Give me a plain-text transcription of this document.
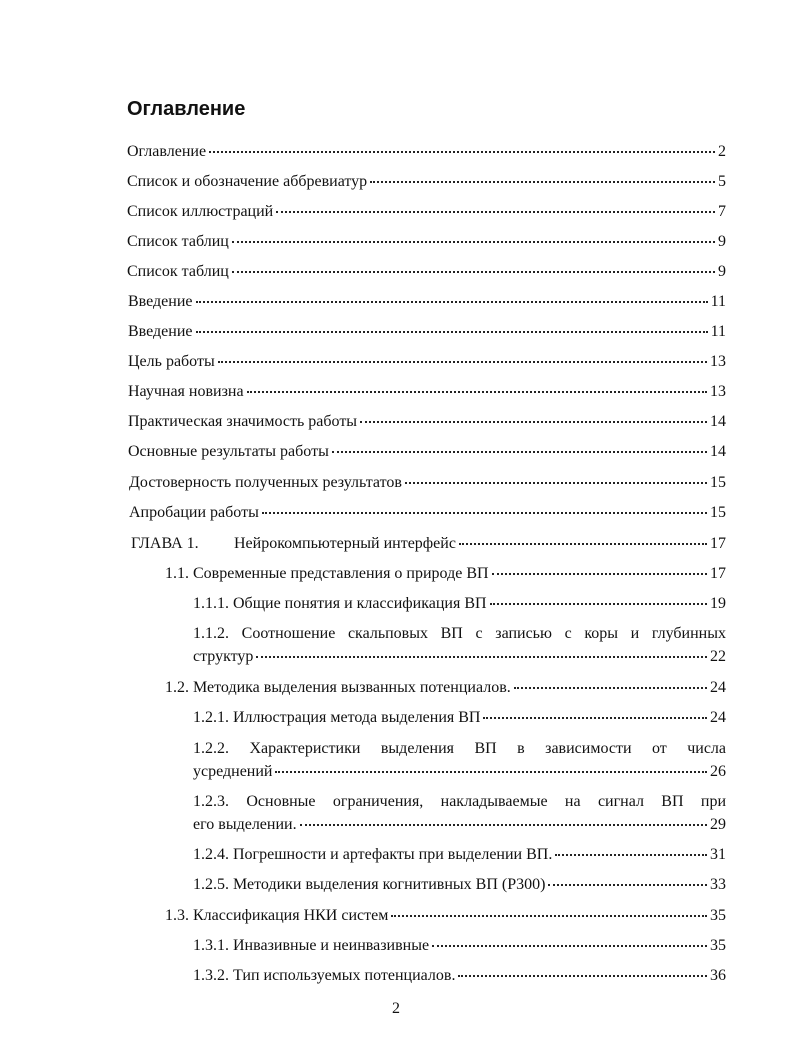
Оглавление
Оглавление	2
Список и обозначение аббревиатур	5
Список иллюстраций	7
Список таблиц	9
Список таблиц	9
Введение	11
Введение	11
Цель работы	13
Научная новизна	13
Практическая значимость работы	14
Основные результаты работы	14
Достоверность полученных результатов	15
Апробации работы	15
ГЛАВА 1.	Нейрокомпьютерный интерфейс	17
1.1. Современные представления о природе ВП	17
1.1.1. Общие понятия и классификация ВП	19
1.1.2. Соотношение скальповых ВП с записью с коры и глубинных
структур	22
1.2. Методика выделения вызванных потенциалов.	24
1.2.1. Иллюстрация метода выделения ВП	24
1.2.2. Характеристики выделения ВП в зависимости от числа
усреднений	26
1.2.3. Основные ограничения, накладываемые на сигнал ВП при
его выделении.	29
1.2.4. Погрешности и артефакты при выделении ВП.	31
1.2.5. Методики выделения когнитивных ВП (P300)	33
1.3. Классификация НКИ систем	35
1.3.1. Инвазивные и неинвазивные	35
1.3.2. Тип используемых потенциалов.	36
2
